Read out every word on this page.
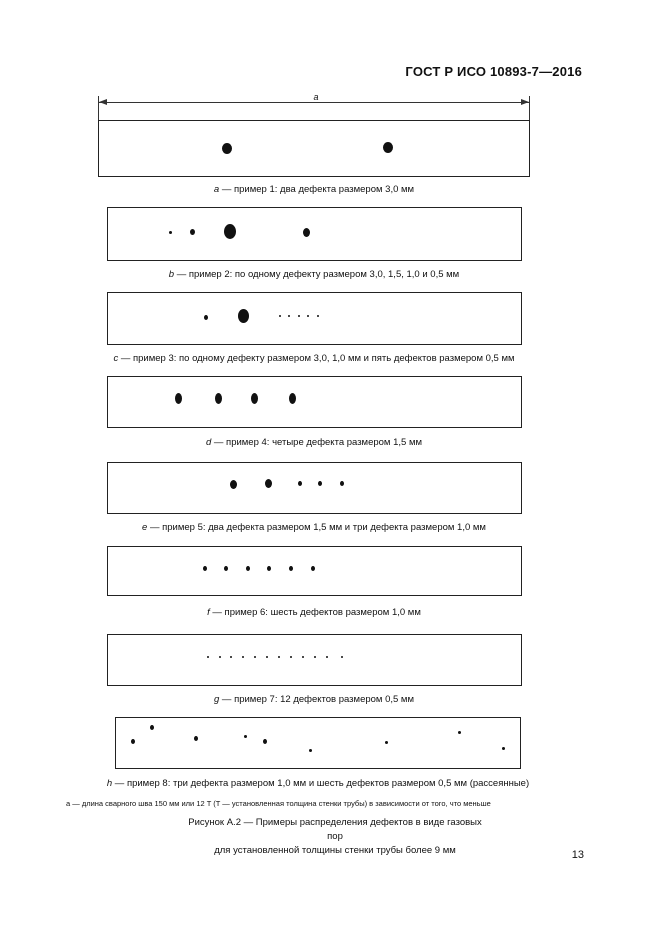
ГОСТ Р ИСО 10893-7—2016
a
a — пример 1: два дефекта размером 3,0 мм
b — пример 2: по одному дефекту размером 3,0, 1,5, 1,0 и 0,5 мм
c — пример 3: по одному дефекту размером 3,0, 1,0 мм и пять дефектов размером 0,5 мм
d — пример 4: четыре дефекта размером 1,5 мм
e — пример 5: два дефекта размером 1,5 мм и три дефекта размером 1,0 мм
f — пример 6: шесть дефектов размером 1,0 мм
g — пример 7: 12 дефектов размером 0,5 мм
h — пример 8: три дефекта размером 1,0 мм и шесть дефектов размером 0,5 мм (рассеянные)
a — длина сварного шва 150 мм или 12 T (T — установленная толщина стенки трубы) в зависимости от того, что меньше
Рисунок А.2 — Примеры распределения дефектов в виде газовых пор
для установленной толщины стенки трубы более 9 мм	13
